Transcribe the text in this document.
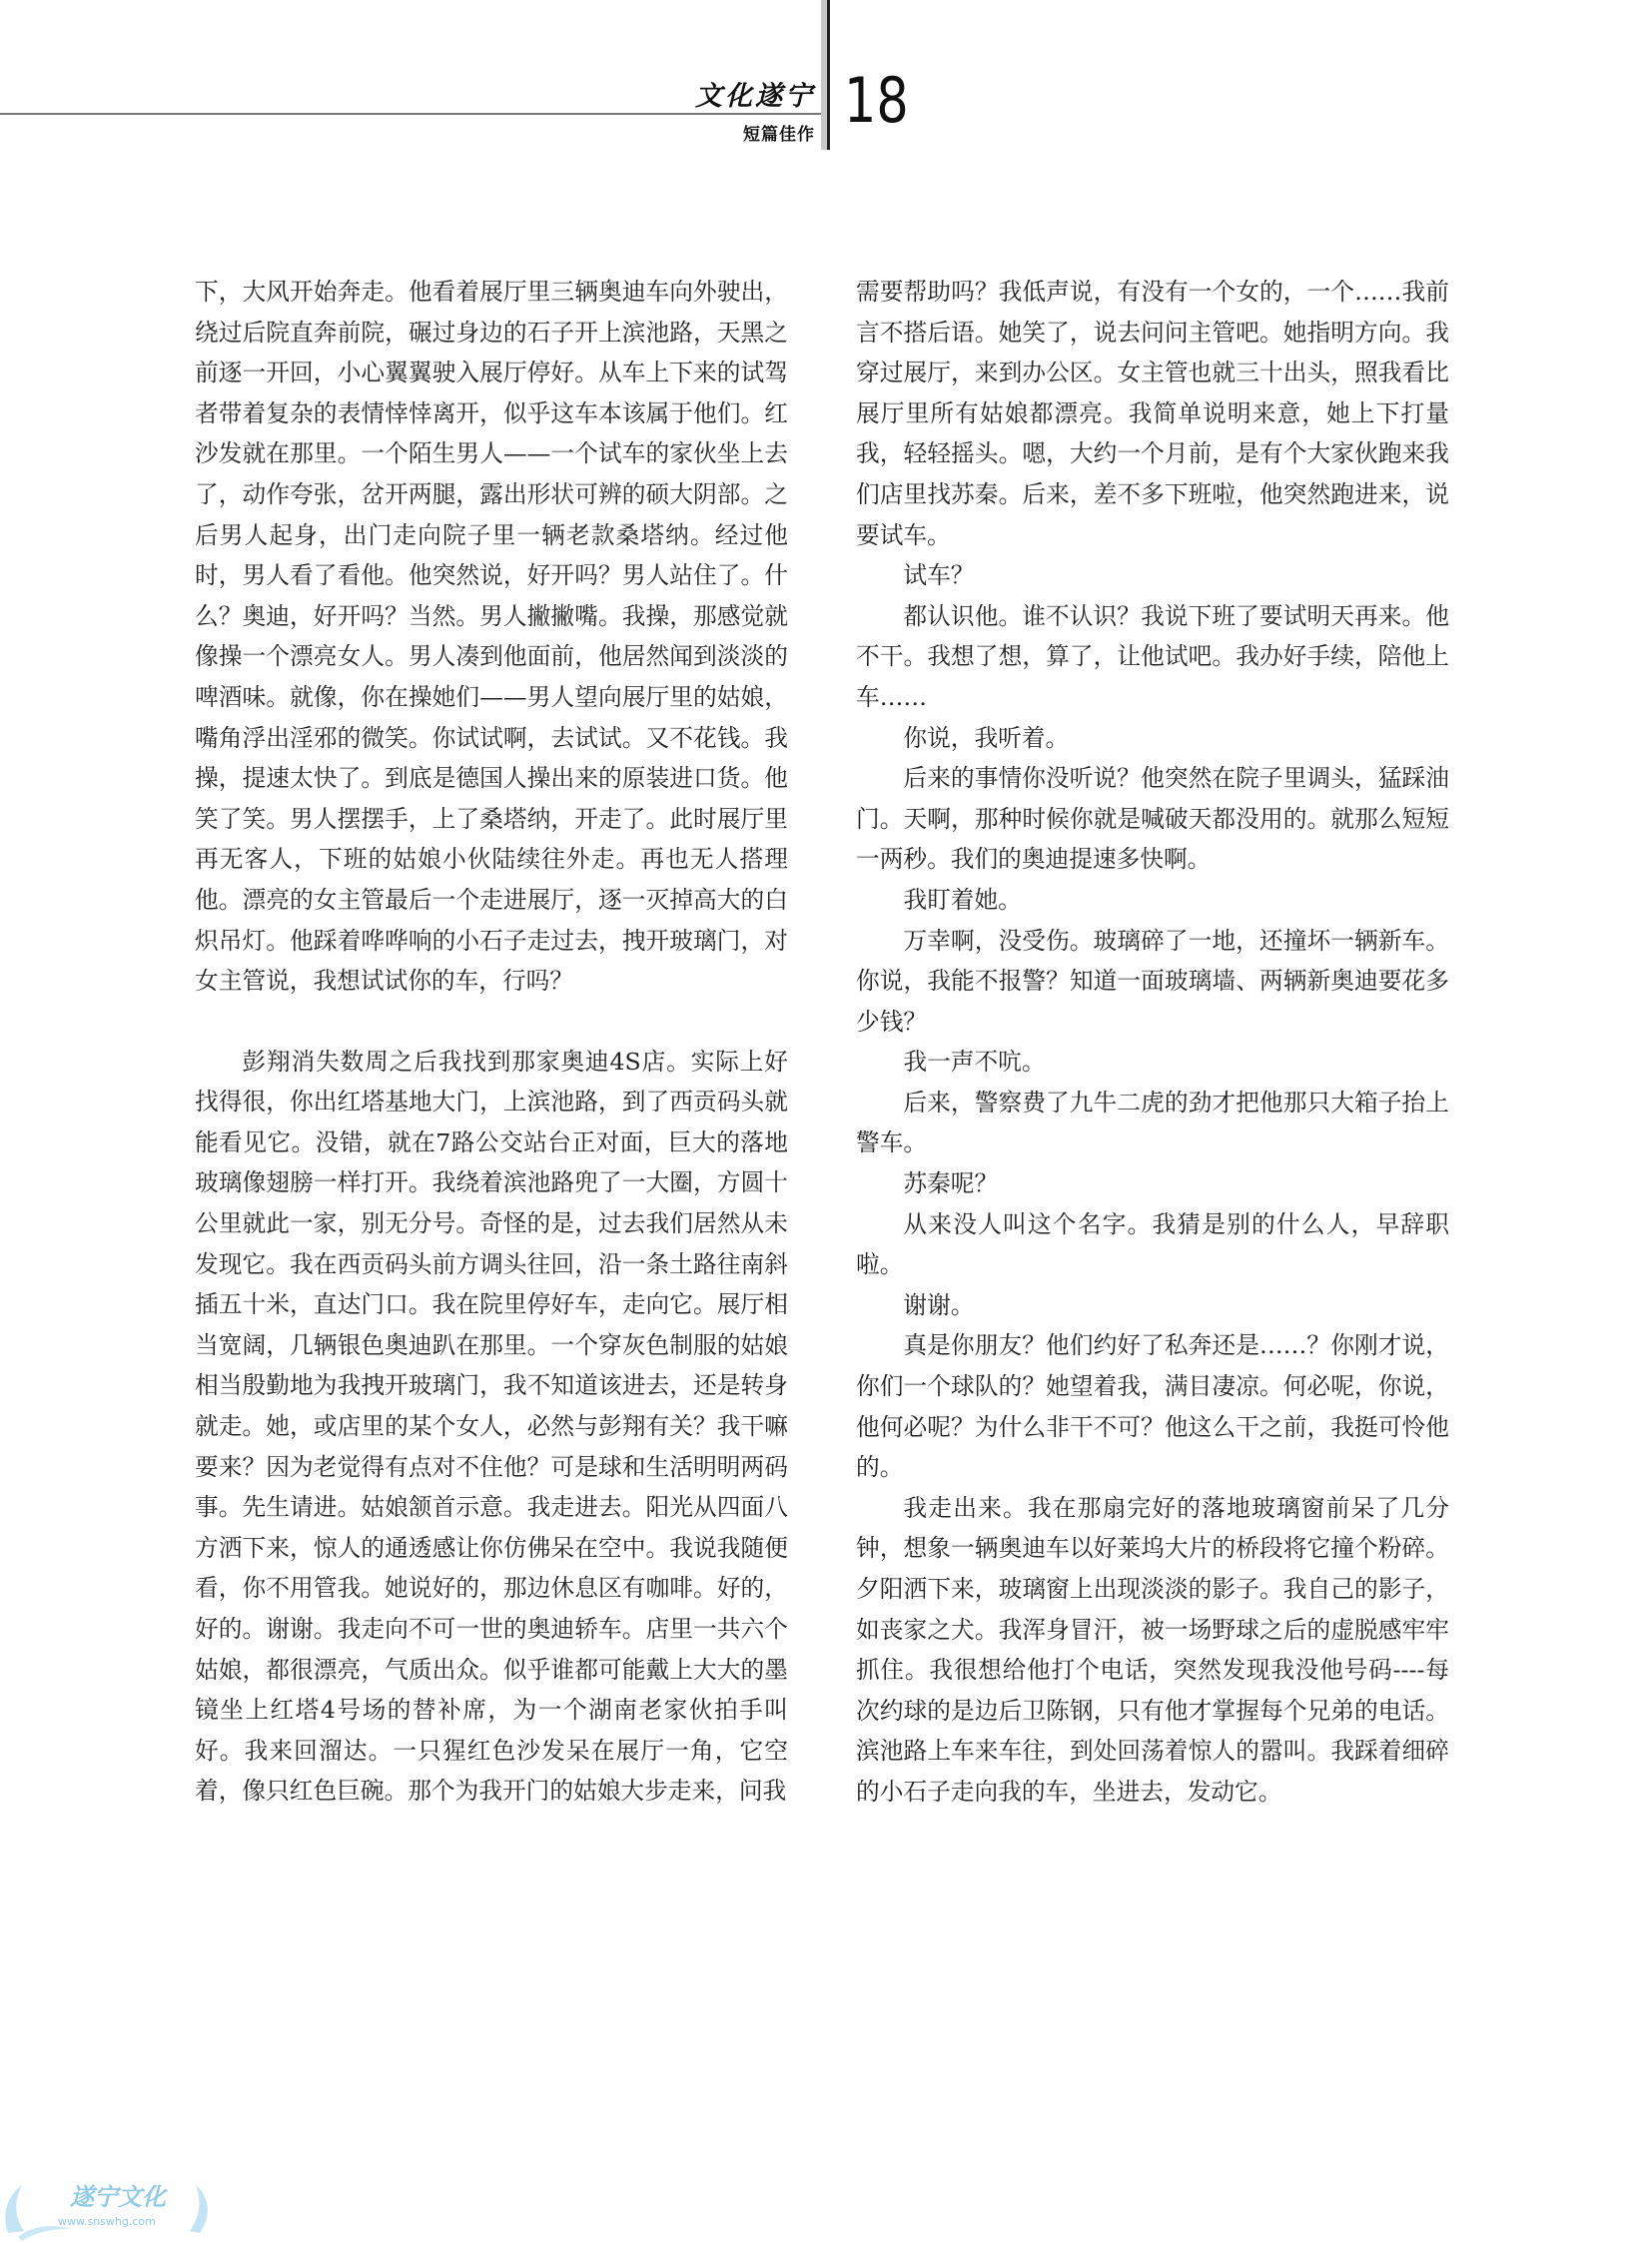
文化遂宁
短篇佳作 18

下，大风开始奔走。他看着展厅里三辆奥迪车向外驶出，绕过后院直奔前院，碾过身边的石子开上滨池路，天黑之前逐一开回，小心翼翼驶入展厅停好。从车上下来的试驾者带着复杂的表情悻悻离开，似乎这车本该属于他们。红沙发就在那里。一个陌生男人——一个试车的家伙坐上去了，动作夸张，岔开两腿，露出形状可辨的硕大阴部。之后男人起身，出门走向院子里一辆老款桑塔纳。经过他时，男人看了看他。他突然说，好开吗？男人站住了。什么？奥迪，好开吗？当然。男人撇撇嘴。我操，那感觉就像操一个漂亮女人。男人凑到他面前，他居然闻到淡淡的啤酒味。就像，你在操她们——男人望向展厅里的姑娘，嘴角浮出淫邪的微笑。你试试啊，去试试。又不花钱。我操，提速太快了。到底是德国人操出来的原装进口货。他笑了笑。男人摆摆手，上了桑塔纳，开走了。此时展厅里再无客人，下班的姑娘小伙陆续往外走。再也无人搭理他。漂亮的女主管最后一个走进展厅，逐一灭掉高大的白炽吊灯。他踩着哗哗响的小石子走过去，拽开玻璃门，对女主管说，我想试试你的车，行吗？

彭翔消失数周之后我找到那家奥迪4S店。实际上好找得很，你出红塔基地大门，上滨池路，到了西贡码头就能看见它。没错，就在7路公交站台正对面，巨大的落地玻璃像翅膀一样打开。我绕着滨池路兜了一大圈，方圆十公里就此一家，别无分号。奇怪的是，过去我们居然从未发现它。我在西贡码头前方调头往回，沿一条土路往南斜插五十米，直达门口。我在院里停好车，走向它。展厅相当宽阔，几辆银色奥迪趴在那里。一个穿灰色制服的姑娘相当殷勤地为我拽开玻璃门，我不知道该进去，还是转身就走。她，或店里的某个女人，必然与彭翔有关？我干嘛要来？因为老觉得有点对不住他？可是球和生活明明两码事。先生请进。姑娘颔首示意。我走进去。阳光从四面八方洒下来，惊人的通透感让你仿佛呆在空中。我说我随便看，你不用管我。她说好的，那边休息区有咖啡。好的，好的。谢谢。我走向不可一世的奥迪轿车。店里一共六个姑娘，都很漂亮，气质出众。似乎谁都可能戴上大大的墨镜坐上红塔4号场的替补席，为一个湖南老家伙拍手叫好。我来回溜达。一只猩红色沙发呆在展厅一角，它空着，像只红色巨碗。那个为我开门的姑娘大步走来，问我

需要帮助吗？我低声说，有没有一个女的，一个……我前言不搭后语。她笑了，说去问问主管吧。她指明方向。我穿过展厅，来到办公区。女主管也就三十出头，照我看比展厅里所有姑娘都漂亮。我简单说明来意，她上下打量我，轻轻摇头。嗯，大约一个月前，是有个大家伙跑来我们店里找苏秦。后来，差不多下班啦，他突然跑进来，说要试车。

试车？

都认识他。谁不认识？我说下班了要试明天再来。他不干。我想了想，算了，让他试吧。我办好手续，陪他上车……

你说，我听着。

后来的事情你没听说？他突然在院子里调头，猛踩油门。天啊，那种时候你就是喊破天都没用的。就那么短短一两秒。我们的奥迪提速多快啊。

我盯着她。

万幸啊，没受伤。玻璃碎了一地，还撞坏一辆新车。你说，我能不报警？知道一面玻璃墙、两辆新奥迪要花多少钱？

我一声不吭。

后来，警察费了九牛二虎的劲才把他那只大箱子抬上警车。

苏秦呢？

从来没人叫这个名字。我猜是别的什么人，早辞职啦。

谢谢。

真是你朋友？他们约好了私奔还是……？你刚才说，你们一个球队的？她望着我，满目凄凉。何必呢，你说，他何必呢？为什么非干不可？他这么干之前，我挺可怜他的。

我走出来。我在那扇完好的落地玻璃窗前呆了几分钟，想象一辆奥迪车以好莱坞大片的桥段将它撞个粉碎。夕阳洒下来，玻璃窗上出现淡淡的影子。我自己的影子，如丧家之犬。我浑身冒汗，被一场野球之后的虚脱感牢牢抓住。我很想给他打个电话，突然发现我没他号码----每次约球的是边后卫陈钢，只有他才掌握每个兄弟的电话。滨池路上车来车往，到处回荡着惊人的嚣叫。我踩着细碎的小石子走向我的车，坐进去，发动它。

遂宁文化
www.snswhg.com
